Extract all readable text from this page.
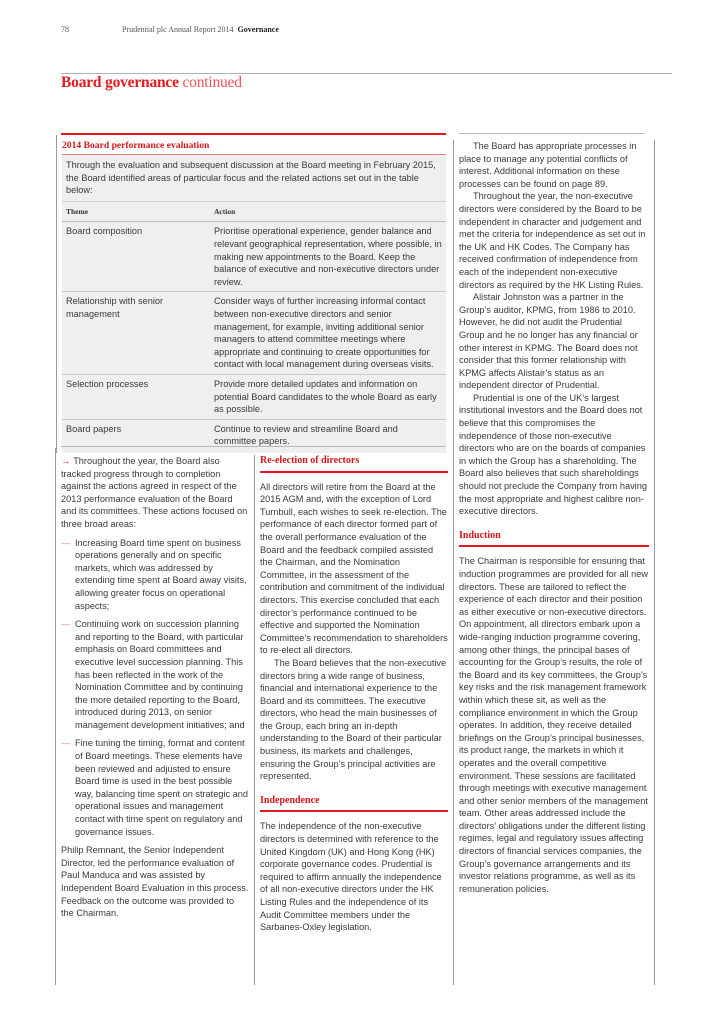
78	Prudential plc Annual Report 2014 Governance
Board governance continued
2014 Board performance evaluation
Through the evaluation and subsequent discussion at the Board meeting in February 2015, the Board identified areas of particular focus and the related actions set out in the table below:
Theme	Action
Board composition	Prioritise operational experience, gender balance and relevant geographical representation, where possible, in making new appointments to the Board. Keep the balance of executive and non-executive directors under review.

Relationship with senior management	Consider ways of further increasing informal contact between non-executive directors and senior management, for example, inviting additional senior managers to attend committee meetings where appropriate and continuing to create opportunities for contact with local management during overseas visits.
Selection processes	Provide more detailed updates and information on potential Board candidates to the whole Board as early as possible.
Board papers	Continue to review and streamline Board and committee papers.

→ Throughout the year, the Board also tracked progress through to completion against the actions agreed in respect of the 2013 performance evaluation of the Board and its committees. These actions focused on three broad areas:

— Increasing Board time spent on business operations generally and on specific markets, which was addressed by extending time spent at Board away visits, allowing greater focus on operational aspects;
— Continuing work on succession planning and reporting to the Board, with particular emphasis on Board committees and executive level succession planning. This has been reflected in the work of the Nomination Committee and by continuing the more detailed reporting to the Board, introduced during 2013, on senior management development initiatives; and
— Fine tuning the timing, format and content of Board meetings. These elements have been reviewed and adjusted to ensure Board time is used in the best possible way, balancing time spent on strategic and operational issues and management contact with time spent on regulatory and governance issues.

Philip Remnant, the Senior Independent Director, led the performance evaluation of Paul Manduca and was assisted by Independent Board Evaluation in this process. Feedback on the outcome was provided to the Chairman.

Re-election of directors

All directors will retire from the Board at the 2015 AGM and, with the exception of Lord Turnbull, each wishes to seek re-election. The performance of each director formed part of the overall performance evaluation of the Board and the feedback compiled assisted the Chairman, and the Nomination Committee, in the assessment of the contribution and commitment of the individual directors. This exercise concluded that each director’s performance continued to be effective and supported the Nomination Committee’s recommendation to shareholders to re-elect all directors.

The Board believes that the non-executive directors bring a wide range of business, financial and international experience to the Board and its committees. The executive directors, who head the main businesses of the Group, each bring an in-depth understanding to the Board of their particular business, its markets and challenges, ensuring the Group’s principal activities are represented.

Independence

The independence of the non-executive directors is determined with reference to the United Kingdom (UK) and Hong Kong (HK) corporate governance codes. Prudential is required to affirm annually the independence of all non-executive directors under the HK Listing Rules and the independence of its Audit Committee members under the Sarbanes-Oxley legislation.

The Board has appropriate processes in place to manage any potential conflicts of interest. Additional information on these processes can be found on page 89.

Throughout the year, the non-executive directors were considered by the Board to be independent in character and judgement and met the criteria for independence as set out in the UK and HK Codes. The Company has received confirmation of independence from each of the independent non-executive directors as required by the HK Listing Rules.

Alistair Johnston was a partner in the Group’s auditor, KPMG, from 1986 to 2010. However, he did not audit the Prudential Group and he no longer has any financial or other interest in KPMG. The Board does not consider that this former relationship with KPMG affects Alistair’s status as an independent director of Prudential.

Prudential is one of the UK’s largest institutional investors and the Board does not believe that this compromises the independence of those non-executive directors who are on the boards of companies in which the Group has a shareholding. The Board also believes that such shareholdings should not preclude the Company from having the most appropriate and highest calibre non-executive directors.

Induction

The Chairman is responsible for ensuring that induction programmes are provided for all new directors. These are tailored to reflect the experience of each director and their position as either executive or non-executive directors. On appointment, all directors embark upon a wide-ranging induction programme covering, among other things, the principal bases of accounting for the Group’s results, the role of the Board and its key committees, the Group’s key risks and the risk management framework within which these sit, as well as the compliance environment in which the Group operates. In addition, they receive detailed briefings on the Group’s principal businesses, its product range, the markets in which it operates and the overall competitive environment. These sessions are facilitated through meetings with executive management and other senior members of the management team. Other areas addressed include the directors’ obligations under the different listing regimes, legal and regulatory issues affecting directors of financial services companies, the Group’s governance arrangements and its investor relations programme, as well as its remuneration policies.
